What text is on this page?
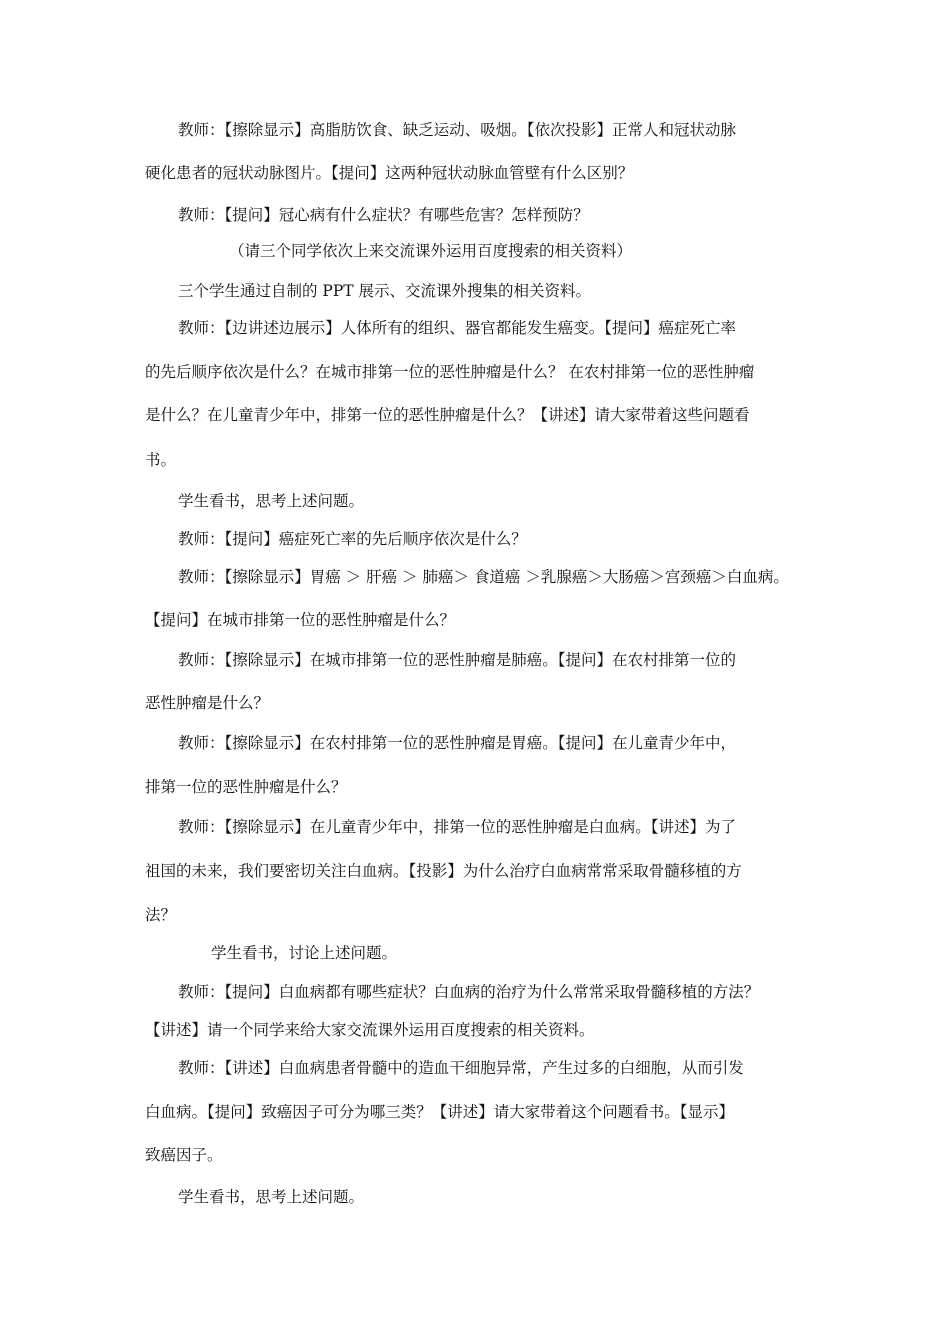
教师：【擦除显示】高脂肪饮食、缺乏运动、吸烟。【依次投影】正常人和冠状动脉
硬化患者的冠状动脉图片。【提问】这两种冠状动脉血管壁有什么区别？
教师：【提问】冠心病有什么症状？有哪些危害？怎样预防？
（请三个同学依次上来交流课外运用百度搜索的相关资料）
三个学生通过自制的 PPT 展示、交流课外搜集的相关资料。
教师：【边讲述边展示】人体所有的组织、器官都能发生癌变。【提问】癌症死亡率
的先后顺序依次是什么？在城市排第一位的恶性肿瘤是什么？ 在农村排第一位的恶性肿瘤
是什么？在儿童青少年中，排第一位的恶性肿瘤是什么？【讲述】请大家带着这些问题看
书。
学生看书，思考上述问题。
教师：【提问】癌症死亡率的先后顺序依次是什么？
教师：【擦除显示】胃癌 ＞ 肝癌 ＞ 肺癌＞ 食道癌 ＞乳腺癌＞大肠癌＞宫颈癌＞白血病。
【提问】在城市排第一位的恶性肿瘤是什么？
教师：【擦除显示】在城市排第一位的恶性肿瘤是肺癌。【提问】在农村排第一位的
恶性肿瘤是什么？
教师：【擦除显示】在农村排第一位的恶性肿瘤是胃癌。【提问】在儿童青少年中，
排第一位的恶性肿瘤是什么？
教师：【擦除显示】在儿童青少年中，排第一位的恶性肿瘤是白血病。【讲述】为了
祖国的未来，我们要密切关注白血病。【投影】为什么治疗白血病常常采取骨髓移植的方
法？
学生看书，讨论上述问题。
教师：【提问】白血病都有哪些症状？白血病的治疗为什么常常采取骨髓移植的方法？
【讲述】请一个同学来给大家交流课外运用百度搜索的相关资料。
教师：【讲述】白血病患者骨髓中的造血干细胞异常，产生过多的白细胞，从而引发
白血病。【提问】致癌因子可分为哪三类？【讲述】请大家带着这个问题看书。【显示】
致癌因子。
学生看书，思考上述问题。
